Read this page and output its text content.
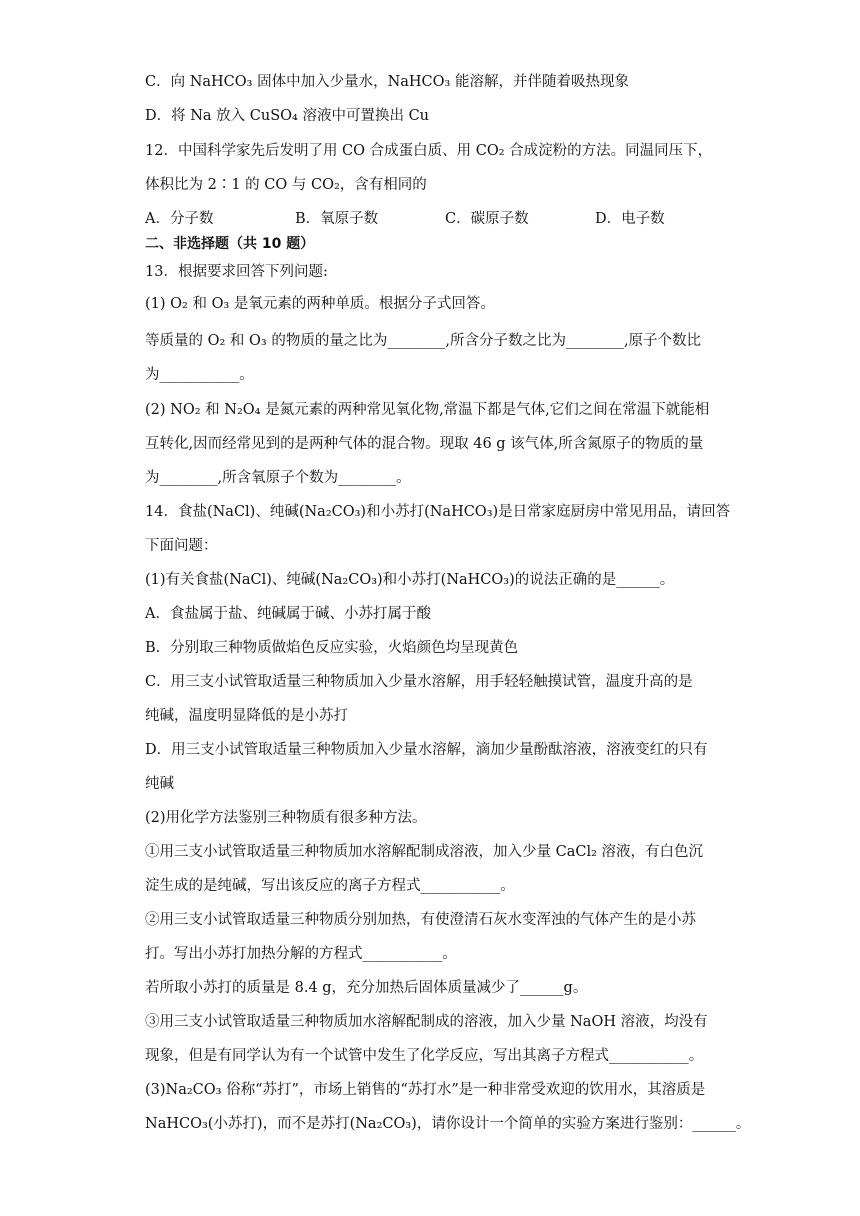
C．向 NaHCO₃ 固体中加入少量水，NaHCO₃ 能溶解，并伴随着吸热现象
D．将 Na 放入 CuSO₄ 溶液中可置换出 Cu
12．中国科学家先后发明了用 CO 合成蛋白质、用 CO₂ 合成淀粉的方法。同温同压下，
体积比为 2∶1 的 CO 与 CO₂，含有相同的
A．分子数	B．氧原子数	C．碳原子数	D．电子数
二、非选择题（共 10 题）
13．根据要求回答下列问题:
(1) O₂ 和 O₃ 是氧元素的两种单质。根据分子式回答。
等质量的 O₂ 和 O₃ 的物质的量之比为________,所含分子数之比为________,原子个数比
为___________。
(2) NO₂ 和 N₂O₄ 是氮元素的两种常见氧化物,常温下都是气体,它们之间在常温下就能相
互转化,因而经常见到的是两种气体的混合物。现取 46 g 该气体,所含氮原子的物质的量
为________,所含氧原子个数为________。
14．食盐(NaCl)、纯碱(Na₂CO₃)和小苏打(NaHCO₃)是日常家庭厨房中常见用品，请回答
下面问题：
(1)有关食盐(NaCl)、纯碱(Na₂CO₃)和小苏打(NaHCO₃)的说法正确的是______。
A．食盐属于盐、纯碱属于碱、小苏打属于酸
B．分别取三种物质做焰色反应实验，火焰颜色均呈现黄色
C．用三支小试管取适量三种物质加入少量水溶解，用手轻轻触摸试管，温度升高的是
纯碱，温度明显降低的是小苏打
D．用三支小试管取适量三种物质加入少量水溶解，滴加少量酚酞溶液，溶液变红的只有
纯碱
(2)用化学方法鉴别三种物质有很多种方法。
①用三支小试管取适量三种物质加水溶解配制成溶液，加入少量 CaCl₂ 溶液，有白色沉
淀生成的是纯碱，写出该反应的离子方程式___________。
②用三支小试管取适量三种物质分别加热，有使澄清石灰水变浑浊的气体产生的是小苏
打。写出小苏打加热分解的方程式___________。
若所取小苏打的质量是 8.4 g，充分加热后固体质量减少了______g。
③用三支小试管取适量三种物质加水溶解配制成的溶液，加入少量 NaOH 溶液，均没有
现象，但是有同学认为有一个试管中发生了化学反应，写出其离子方程式___________。
(3)Na₂CO₃ 俗称“苏打”，市场上销售的“苏打水”是一种非常受欢迎的饮用水，其溶质是
NaHCO₃(小苏打)，而不是苏打(Na₂CO₃)，请你设计一个简单的实验方案进行鉴别：______。
